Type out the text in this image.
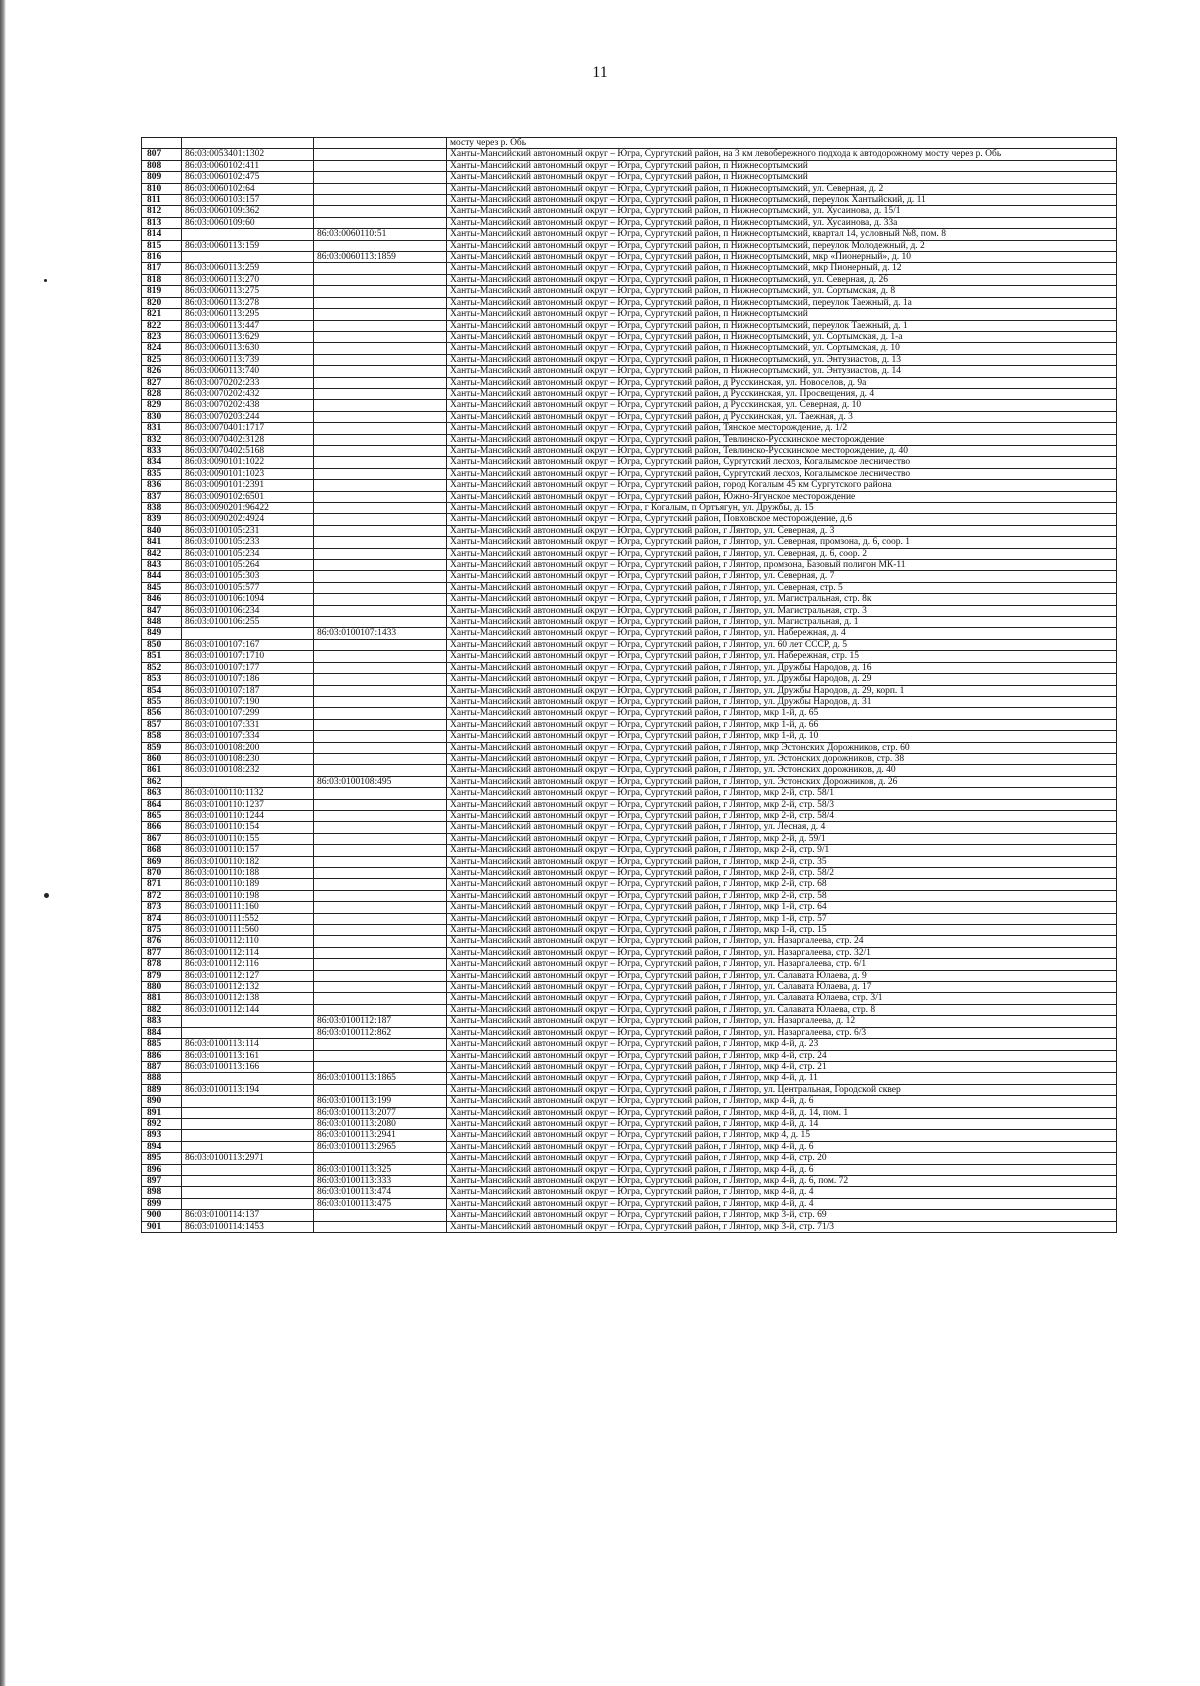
11
			мосту через р. Обь
807	86:03:0053401:1302		Ханты-Мансийский автономный округ – Югра, Сургутский район, на 3 км левобережного подхода к автодорожному мосту через р. Обь
808	86:03:0060102:411		Ханты-Мансийский автономный округ – Югра, Сургутский район, п Нижнесортымский
809	86:03:0060102:475		Ханты-Мансийский автономный округ – Югра, Сургутский район, п Нижнесортымский
810	86:03:0060102:64		Ханты-Мансийский автономный округ – Югра, Сургутский район, п Нижнесортымский, ул. Северная, д. 2
811	86:03:0060103:157		Ханты-Мансийский автономный округ – Югра, Сургутский район, п Нижнесортымский, переулок Хантыйский, д. 11
812	86:03:0060109:362		Ханты-Мансийский автономный округ – Югра, Сургутский район, п Нижнесортымский, ул. Хусаинова, д. 15/1
813	86:03:0060109:60		Ханты-Мансийский автономный округ – Югра, Сургутский район, п Нижнесортымский, ул. Хусаинова, д. 33а
814		86:03:0060110:51	Ханты-Мансийский автономный округ – Югра, Сургутский район, п Нижнесортымский, квартал 14, условный №8, пом. 8
815	86:03:0060113:159		Ханты-Мансийский автономный округ – Югра, Сургутский район, п Нижнесортымский, переулок Молодежный, д. 2
816		86:03:0060113:1859	Ханты-Мансийский автономный округ – Югра, Сургутский район, п Нижнесортымский, мкр «Пионерный», д. 10
817	86:03:0060113:259		Ханты-Мансийский автономный округ – Югра, Сургутский район, п Нижнесортымский, мкр Пионерный, д. 12
818	86:03:0060113:270		Ханты-Мансийский автономный округ – Югра, Сургутский район, п Нижнесортымский, ул. Северная, д. 26
819	86:03:0060113:275		Ханты-Мансийский автономный округ – Югра, Сургутский район, п Нижнесортымский, ул. Сортымская, д. 8
820	86:03:0060113:278		Ханты-Мансийский автономный округ – Югра, Сургутский район, п Нижнесортымский, переулок Таежный, д. 1а
821	86:03:0060113:295		Ханты-Мансийский автономный округ – Югра, Сургутский район, п Нижнесортымский
822	86:03:0060113:447		Ханты-Мансийский автономный округ – Югра, Сургутский район, п Нижнесортымский, переулок Таежный, д. 1
823	86:03:0060113:629		Ханты-Мансийский автономный округ – Югра, Сургутский район, п Нижнесортымский, ул. Сортымская, д. 1-а
824	86:03:0060113:630		Ханты-Мансийский автономный округ – Югра, Сургутский район, п Нижнесортымский, ул. Сортымская, д. 10
825	86:03:0060113:739		Ханты-Мансийский автономный округ – Югра, Сургутский район, п Нижнесортымский, ул. Энтузиастов, д. 13
826	86:03:0060113:740		Ханты-Мансийский автономный округ – Югра, Сургутский район, п Нижнесортымский, ул. Энтузиастов, д. 14
827	86:03:0070202:233		Ханты-Мансийский автономный округ – Югра, Сургутский район, д Русскинская, ул. Новоселов, д. 9а
828	86:03:0070202:432		Ханты-Мансийский автономный округ – Югра, Сургутский район, д Русскинская, ул. Просвещения, д. 4
829	86:03:0070202:438		Ханты-Мансийский автономный округ – Югра, Сургутский район, д Русскинская, ул. Северная, д. 10
830	86:03:0070203:244		Ханты-Мансийский автономный округ – Югра, Сургутский район, д Русскинская, ул. Таежная, д. 3
831	86:03:0070401:1717		Ханты-Мансийский автономный округ – Югра, Сургутский район, Тянское месторождение, д. 1/2
832	86:03:0070402:3128		Ханты-Мансийский автономный округ – Югра, Сургутский район, Тевлинско-Русскинское месторождение
833	86:03:0070402:5168		Ханты-Мансийский автономный округ – Югра, Сургутский район, Тевлинско-Русскинское месторождение, д. 40
834	86:03:0090101:1022		Ханты-Мансийский автономный округ – Югра, Сургутский район, Сургутский лесхоз, Когалымское лесничество
835	86:03:0090101:1023		Ханты-Мансийский автономный округ – Югра, Сургутский район, Сургутский лесхоз, Когалымское лесничество
836	86:03:0090101:2391		Ханты-Мансийский автономный округ – Югра, Сургутский район, город Когалым 45 км Сургутского района
837	86:03:0090102:6501		Ханты-Мансийский автономный округ – Югра, Сургутский район, Южно-Ягунское месторождение
838	86:03:0090201:96422		Ханты-Мансийский автономный округ – Югра, г Когалым, п Ортъягун, ул. Дружбы, д. 15
839	86:03:0090202:4924		Ханты-Мансийский автономный округ – Югра, Сургутский район, Повховское месторождение, д.6
840	86:03:0100105:231		Ханты-Мансийский автономный округ – Югра, Сургутский район, г Лянтор, ул. Северная, д. 3
841	86:03:0100105:233		Ханты-Мансийский автономный округ – Югра, Сургутский район, г Лянтор, ул. Северная, промзона, д. 6, соор. 1
842	86:03:0100105:234		Ханты-Мансийский автономный округ – Югра, Сургутский район, г Лянтор, ул. Северная, д. 6, соор. 2
843	86:03:0100105:264		Ханты-Мансийский автономный округ – Югра, Сургутский район, г Лянтор, промзона, Базовый полигон МК-11
844	86:03:0100105:303		Ханты-Мансийский автономный округ – Югра, Сургутский район, г Лянтор, ул. Северная, д. 7
845	86:03:0100105:577		Ханты-Мансийский автономный округ – Югра, Сургутский район, г Лянтор, ул. Северная, стр. 5
846	86:03:0100106:1094		Ханты-Мансийский автономный округ – Югра, Сургутский район, г Лянтор, ул. Магистральная, стр. 8к
847	86:03:0100106:234		Ханты-Мансийский автономный округ – Югра, Сургутский район, г Лянтор, ул. Магистральная, стр. 3
848	86:03:0100106:255		Ханты-Мансийский автономный округ – Югра, Сургутский район, г Лянтор, ул. Магистральная, д. 1
849		86:03:0100107:1433	Ханты-Мансийский автономный округ – Югра, Сургутский район, г Лянтор, ул. Набережная, д. 4
850	86:03:0100107:167		Ханты-Мансийский автономный округ – Югра, Сургутский район, г Лянтор, ул. 60 лет СССР, д. 5
851	86:03:0100107:1710		Ханты-Мансийский автономный округ – Югра, Сургутский район, г Лянтор, ул. Набережная, стр. 15
852	86:03:0100107:177		Ханты-Мансийский автономный округ – Югра, Сургутский район, г Лянтор, ул. Дружбы Народов, д. 16
853	86:03:0100107:186		Ханты-Мансийский автономный округ – Югра, Сургутский район, г Лянтор, ул. Дружбы Народов, д. 29
854	86:03:0100107:187		Ханты-Мансийский автономный округ – Югра, Сургутский район, г Лянтор, ул. Дружбы Народов, д. 29, корп. 1
855	86:03:0100107:190		Ханты-Мансийский автономный округ – Югра, Сургутский район, г Лянтор, ул. Дружбы Народов, д. 31
856	86:03:0100107:299		Ханты-Мансийский автономный округ – Югра, Сургутский район, г Лянтор, мкр 1-й, д. 65
857	86:03:0100107:331		Ханты-Мансийский автономный округ – Югра, Сургутский район, г Лянтор, мкр 1-й, д. 66
858	86:03:0100107:334		Ханты-Мансийский автономный округ – Югра, Сургутский район, г Лянтор, мкр 1-й, д. 10
859	86:03:0100108:200		Ханты-Мансийский автономный округ – Югра, Сургутский район, г Лянтор, мкр Эстонских Дорожников, стр. 60
860	86:03:0100108:230		Ханты-Мансийский автономный округ – Югра, Сургутский район, г Лянтор, ул. Эстонских дорожников, стр. 38
861	86:03:0100108:232		Ханты-Мансийский автономный округ – Югра, Сургутский район, г Лянтор, ул. Эстонских дорожников, д. 40
862		86:03:0100108:495	Ханты-Мансийский автономный округ – Югра, Сургутский район, г Лянтор, ул. Эстонских Дорожников, д. 26
863	86:03:0100110:1132		Ханты-Мансийский автономный округ – Югра, Сургутский район, г Лянтор, мкр 2-й, стр. 58/1
864	86:03:0100110:1237		Ханты-Мансийский автономный округ – Югра, Сургутский район, г Лянтор, мкр 2-й, стр. 58/3
865	86:03:0100110:1244		Ханты-Мансийский автономный округ – Югра, Сургутский район, г Лянтор, мкр 2-й, стр. 58/4
866	86:03:0100110:154		Ханты-Мансийский автономный округ – Югра, Сургутский район, г Лянтор, ул. Лесная, д. 4
867	86:03:0100110:155		Ханты-Мансийский автономный округ – Югра, Сургутский район, г Лянтор, мкр 2-й, д. 59/1
868	86:03:0100110:157		Ханты-Мансийский автономный округ – Югра, Сургутский район, г Лянтор, мкр 2-й, стр. 9/1
869	86:03:0100110:182		Ханты-Мансийский автономный округ – Югра, Сургутский район, г Лянтор, мкр 2-й, стр. 35
870	86:03:0100110:188		Ханты-Мансийский автономный округ – Югра, Сургутский район, г Лянтор, мкр 2-й, стр. 58/2
871	86:03:0100110:189		Ханты-Мансийский автономный округ – Югра, Сургутский район, г Лянтор, мкр 2-й, стр. 68
872	86:03:0100110:198		Ханты-Мансийский автономный округ – Югра, Сургутский район, г Лянтор, мкр 2-й, стр. 58
873	86:03:0100111:160		Ханты-Мансийский автономный округ – Югра, Сургутский район, г Лянтор, мкр 1-й, стр. 64
874	86:03:0100111:552		Ханты-Мансийский автономный округ – Югра, Сургутский район, г Лянтор, мкр 1-й, стр. 57
875	86:03:0100111:560		Ханты-Мансийский автономный округ – Югра, Сургутский район, г Лянтор, мкр 1-й, стр. 15
876	86:03:0100112:110		Ханты-Мансийский автономный округ – Югра, Сургутский район, г Лянтор, ул. Назаргалеева, стр. 24
877	86:03:0100112:114		Ханты-Мансийский автономный округ – Югра, Сургутский район, г Лянтор, ул. Назаргалеева, стр. 32/1
878	86:03:0100112:116		Ханты-Мансийский автономный округ – Югра, Сургутский район, г Лянтор, ул. Назаргалеева, стр. 6/1
879	86:03:0100112:127		Ханты-Мансийский автономный округ – Югра, Сургутский район, г Лянтор, ул. Салавата Юлаева, д. 9
880	86:03:0100112:132		Ханты-Мансийский автономный округ – Югра, Сургутский район, г Лянтор, ул. Салавата Юлаева, д. 17
881	86:03:0100112:138		Ханты-Мансийский автономный округ – Югра, Сургутский район, г Лянтор, ул. Салавата Юлаева, стр. 3/1
882	86:03:0100112:144		Ханты-Мансийский автономный округ – Югра, Сургутский район, г Лянтор, ул. Салавата Юлаева, стр. 8
883		86:03:0100112:187	Ханты-Мансийский автономный округ – Югра, Сургутский район, г Лянтор, ул. Назаргалеева, д. 12
884		86:03:0100112:862	Ханты-Мансийский автономный округ – Югра, Сургутский район, г Лянтор, ул. Назаргалеева, стр. 6/3
885	86:03:0100113:114		Ханты-Мансийский автономный округ – Югра, Сургутский район, г Лянтор, мкр 4-й, д. 23
886	86:03:0100113:161		Ханты-Мансийский автономный округ – Югра, Сургутский район, г Лянтор, мкр 4-й, стр. 24
887	86:03:0100113:166		Ханты-Мансийский автономный округ – Югра, Сургутский район, г Лянтор, мкр 4-й, стр. 21
888		86:03:0100113:1865	Ханты-Мансийский автономный округ – Югра, Сургутский район, г Лянтор, мкр 4-й, д. 11
889	86:03:0100113:194		Ханты-Мансийский автономный округ – Югра, Сургутский район, г Лянтор, ул. Центральная, Городской сквер
890		86:03:0100113:199	Ханты-Мансийский автономный округ – Югра, Сургутский район, г Лянтор, мкр 4-й, д. 6
891		86:03:0100113:2077	Ханты-Мансийский автономный округ – Югра, Сургутский район, г Лянтор, мкр 4-й, д. 14, пом. 1
892		86:03:0100113:2080	Ханты-Мансийский автономный округ – Югра, Сургутский район, г Лянтор, мкр 4-й, д. 14
893		86:03:0100113:2941	Ханты-Мансийский автономный округ – Югра, Сургутский район, г Лянтор, мкр 4, д. 15
894		86:03:0100113:2965	Ханты-Мансийский автономный округ – Югра, Сургутский район, г Лянтор, мкр 4-й, д. 6
895	86:03:0100113:2971		Ханты-Мансийский автономный округ – Югра, Сургутский район, г Лянтор, мкр 4-й, стр. 20
896		86:03:0100113:325	Ханты-Мансийский автономный округ – Югра, Сургутский район, г Лянтор, мкр 4-й, д. 6
897		86:03:0100113:333	Ханты-Мансийский автономный округ – Югра, Сургутский район, г Лянтор, мкр 4-й, д. 6, пом. 72
898		86:03:0100113:474	Ханты-Мансийский автономный округ – Югра, Сургутский район, г Лянтор, мкр 4-й, д. 4
899		86:03:0100113:475	Ханты-Мансийский автономный округ – Югра, Сургутский район, г Лянтор, мкр 4-й, д. 4
900	86:03:0100114:137		Ханты-Мансийский автономный округ – Югра, Сургутский район, г Лянтор, мкр 3-й, стр. 69
901	86:03:0100114:1453		Ханты-Мансийский автономный округ – Югра, Сургутский район, г Лянтор, мкр 3-й, стр. 71/3
